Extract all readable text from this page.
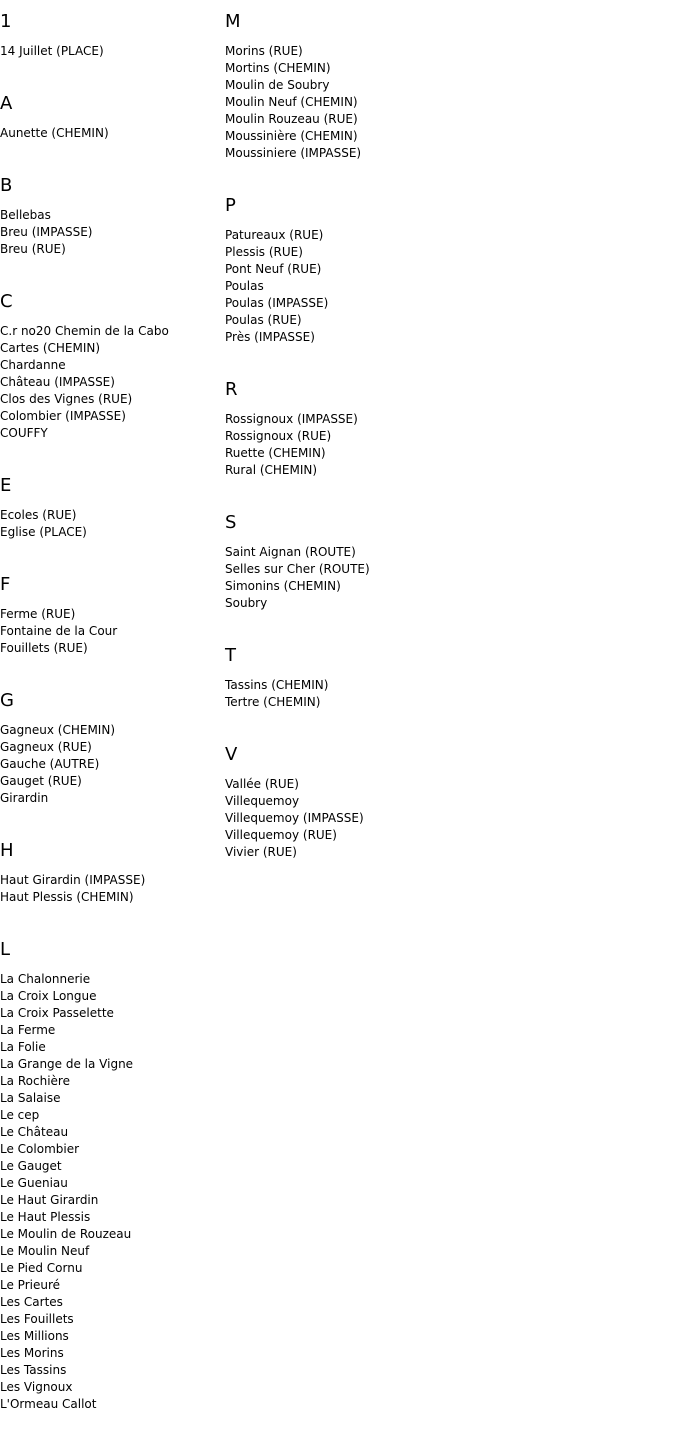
1
14 Juillet (PLACE)
A
Aunette (CHEMIN)
B
Bellebas
Breu (IMPASSE)
Breu (RUE)
C
C.r no20 Chemin de la Cabo
Cartes (CHEMIN)
Chardanne
Château (IMPASSE)
Clos des Vignes (RUE)
Colombier (IMPASSE)
COUFFY
E
Ecoles (RUE)
Eglise (PLACE)
F
Ferme (RUE)
Fontaine de la Cour
Fouillets (RUE)
G
Gagneux (CHEMIN)
Gagneux (RUE)
Gauche (AUTRE)
Gauget (RUE)
Girardin
H
Haut Girardin (IMPASSE)
Haut Plessis (CHEMIN)
L
La Chalonnerie
La Croix Longue
La Croix Passelette
La Ferme
La Folie
La Grange de la Vigne
La Rochière
La Salaise
Le cep
Le Château
Le Colombier
Le Gauget
Le Gueniau
Le Haut Girardin
Le Haut Plessis
Le Moulin de Rouzeau
Le Moulin Neuf
Le Pied Cornu
Le Prieuré
Les Cartes
Les Fouillets
Les Millions
Les Morins
Les Tassins
Les Vignoux
L'Ormeau Callot
M
Morins (RUE)
Mortins (CHEMIN)
Moulin de Soubry
Moulin Neuf (CHEMIN)
Moulin Rouzeau (RUE)
Moussinière (CHEMIN)
Moussiniere (IMPASSE)
P
Patureaux (RUE)
Plessis (RUE)
Pont Neuf (RUE)
Poulas
Poulas (IMPASSE)
Poulas (RUE)
Près (IMPASSE)
R
Rossignoux (IMPASSE)
Rossignoux (RUE)
Ruette (CHEMIN)
Rural (CHEMIN)
S
Saint Aignan (ROUTE)
Selles sur Cher (ROUTE)
Simonins (CHEMIN)
Soubry
T
Tassins (CHEMIN)
Tertre (CHEMIN)
V
Vallée (RUE)
Villequemoy
Villequemoy (IMPASSE)
Villequemoy (RUE)
Vivier (RUE)
